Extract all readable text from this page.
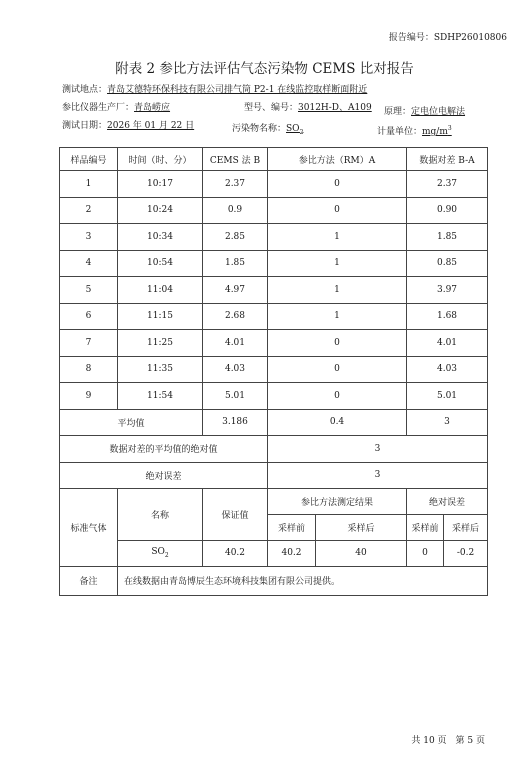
报告编号：SDHP26010806
附表 2 参比方法评估气态污染物 CEMS 比对报告
测试地点：青岛艾德特环保科技有限公司排气筒 P2-1 在线监控取样断面附近
参比仪器生产厂：青岛崂应	型号、编号：3012H-D、A109 原理：定电位电解法
测试日期：2026 年 01 月 22 日	污染物名称：$SO_2$	计量单位：$mg/m^3$
样品编号	时间（时、分）	CEMS 法 B	参比方法（RM）A		数据对差 B-A	
1	10:17	2.37	0		2.37	
2	10:24	0.9	0		0.90	
3	10:34	2.85	1		1.85	
4	10:54	1.85	1		0.85	
5	11:04	4.97	1		3.97	
6	11:15	2.68	1		1.68	
7	11:25	4.01	0		4.01	
8	11:35	4.03	0		4.03	
9	11:54	5.01	0		5.01	
平均值		3.186	0.4		3	
数据对差的平均值的绝对值			3			
绝对误差			3			
标准气体	名称	保证值	参比方法测定结果		绝对误差	
			采样前	采样后	采样前	采样后
	$SO_2$	40.2	40.2	40	0	-0.2
备注	在线数据由青岛博辰生态环境科技集团有限公司提供。					
共 10 页　第 5 页
